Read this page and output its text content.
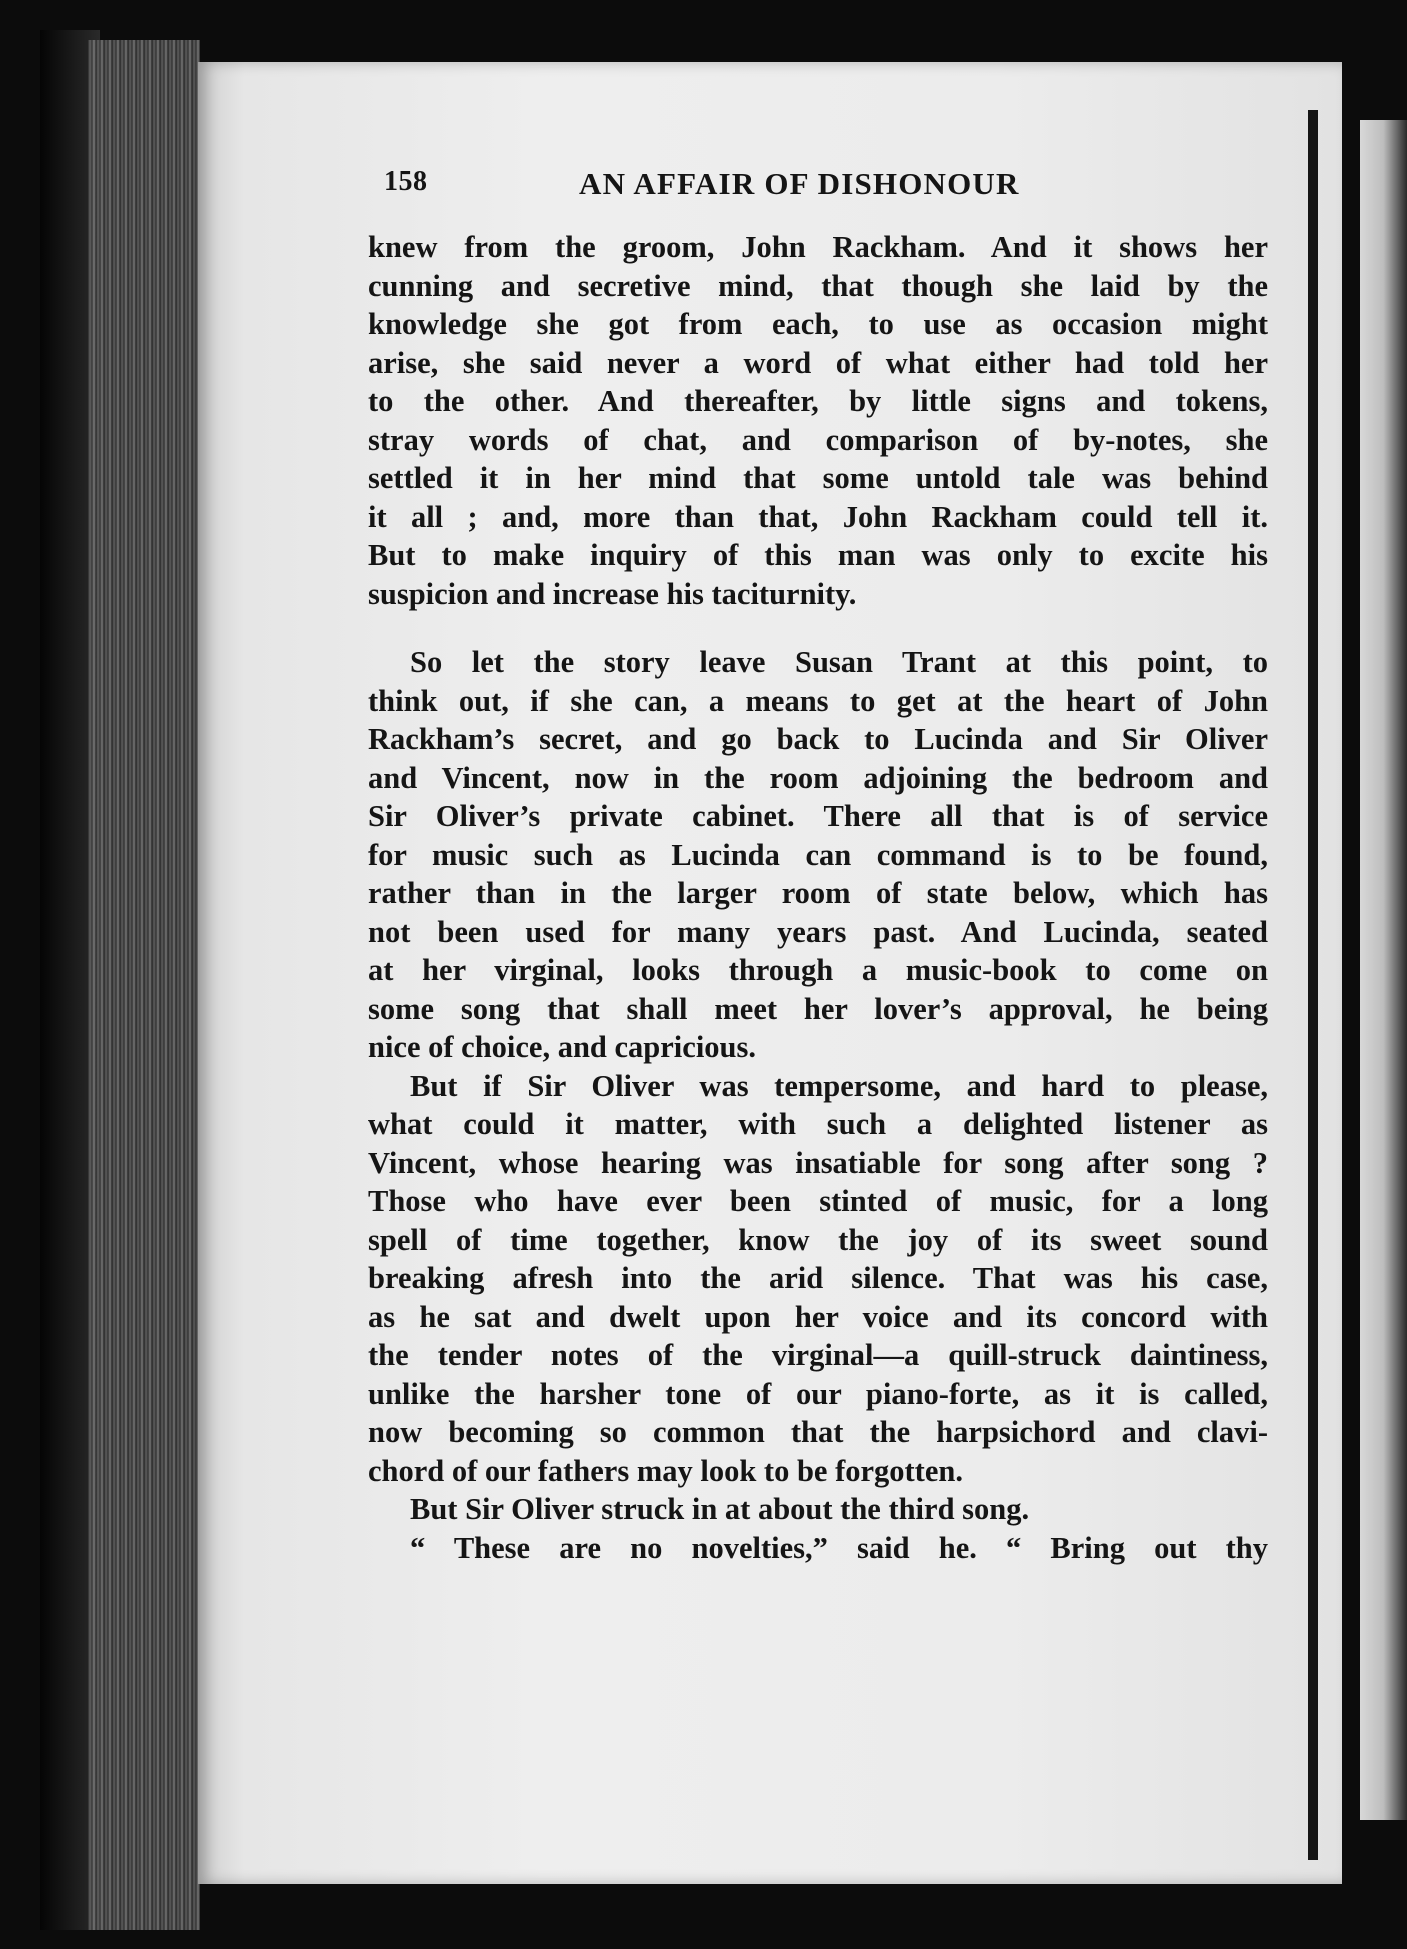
158	AN AFFAIR OF DISHONOUR
knew from the groom, John Rackham. And it shows her
cunning and secretive mind, that though she laid by the
knowledge she got from each, to use as occasion might
arise, she said never a word of what either had told her
to the other. And thereafter, by little signs and tokens,
stray words of chat, and comparison of by-notes, she
settled it in her mind that some untold tale was behind
it all ; and, more than that, John Rackham could tell it.
But to make inquiry of this man was only to excite his
suspicion and increase his taciturnity.
So let the story leave Susan Trant at this point, to
think out, if she can, a means to get at the heart of John
Rackham’s secret, and go back to Lucinda and Sir Oliver
and Vincent, now in the room adjoining the bedroom and
Sir Oliver’s private cabinet. There all that is of service
for music such as Lucinda can command is to be found,
rather than in the larger room of state below, which has
not been used for many years past. And Lucinda, seated
at her virginal, looks through a music-book to come on
some song that shall meet her lover’s approval, he being
nice of choice, and capricious.
But if Sir Oliver was tempersome, and hard to please,
what could it matter, with such a delighted listener as
Vincent, whose hearing was insatiable for song after song ?
Those who have ever been stinted of music, for a long
spell of time together, know the joy of its sweet sound
breaking afresh into the arid silence. That was his case,
as he sat and dwelt upon her voice and its concord with
the tender notes of the virginal—a quill-struck daintiness,
unlike the harsher tone of our piano-forte, as it is called,
now becoming so common that the harpsichord and clavi-
chord of our fathers may look to be forgotten.
But Sir Oliver struck in at about the third song.
“ These are no novelties,” said he. “ Bring out thy
